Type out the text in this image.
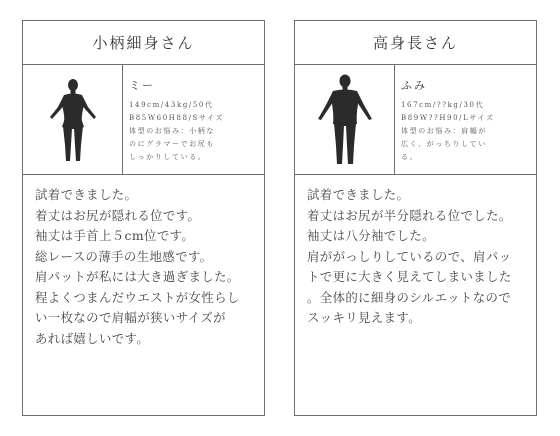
小柄細身さん
ミー
149cm/43kg/50代
B85W60H88/Sサイズ
体型のお悩み：小柄な
のにグラマーでお尻も
しっかりしている。
試着できました。
着丈はお尻が隠れる位です。
袖丈は手首上５cm位です。
総レースの薄手の生地感です。
肩パットが私には大き過ぎました。
程よくつまんだウエストが女性らし
い一枚なので肩幅が狭いサイズが
あれば嬉しいです。
高身長さん
ふみ
167cm/??kg/30代
B89W??H90/Lサイズ
体型のお悩み：肩幅が
広く、がっちりしてい
る。
試着できました。
着丈はお尻が半分隠れる位でした。
袖丈は八分袖でした。
肩ががっしりしているので、肩パッ
トで更に大きく見えてしまいました
。全体的に細身のシルエットなので
スッキリ見えます。
